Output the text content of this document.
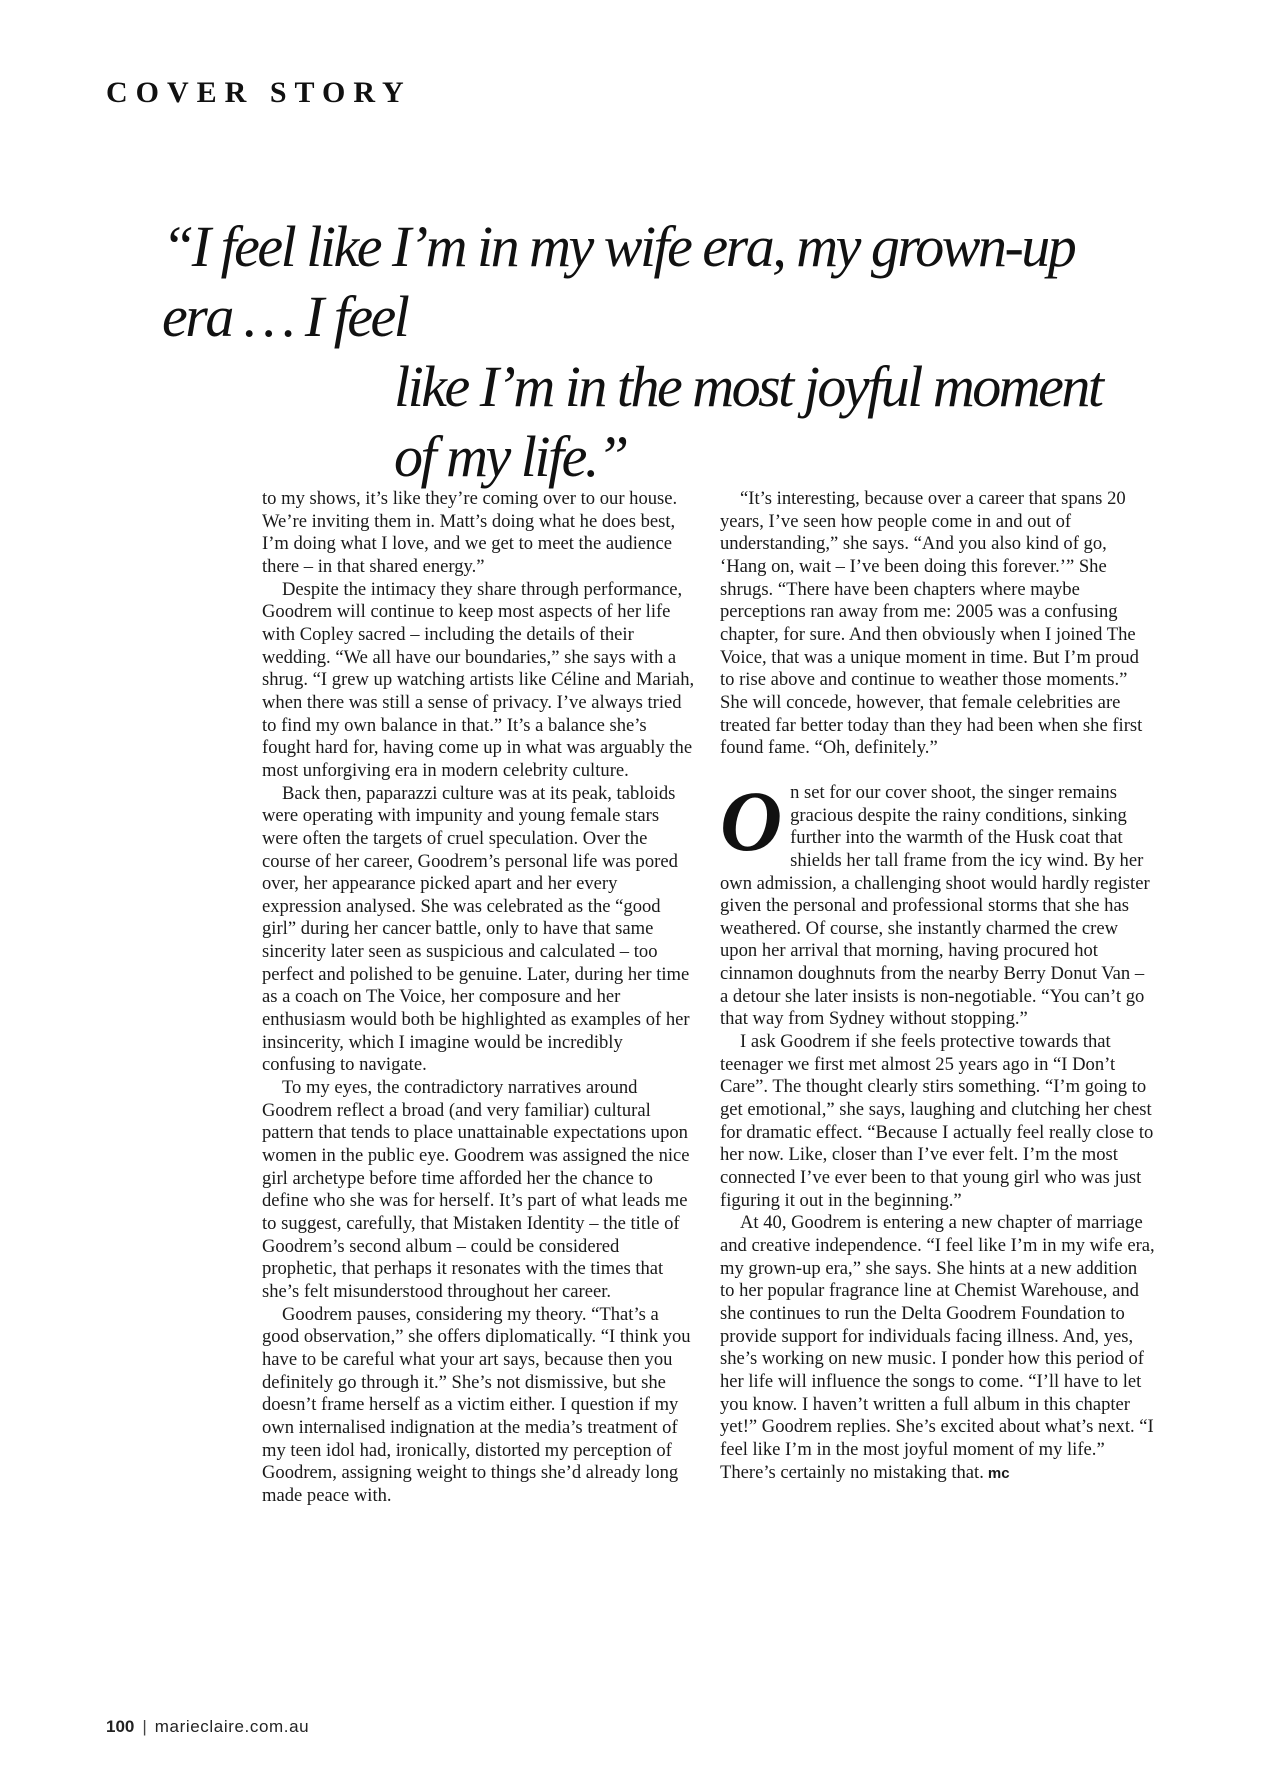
COVER STORY
“I feel like I’m in my wife era, my grown-up era … I feel
like I’m in the most joyful moment of my life.”

to my shows, it’s like they’re coming over to our house. We’re inviting them in. Matt’s doing what he does best, I’m doing what I love, and we get to meet the audience there – in that shared energy.”

Despite the intimacy they share through performance, Goodrem will continue to keep most aspects of her life with Copley sacred – including the details of their wedding. “We all have our boundaries,” she says with a shrug. “I grew up watching artists like Céline and Mariah, when there was still a sense of privacy. I’ve always tried to find my own balance in that.” It’s a balance she’s fought hard for, having come up in what was arguably the most unforgiving era in modern celebrity culture.

Back then, paparazzi culture was at its peak, tabloids were operating with impunity and young female stars were often the targets of cruel speculation. Over the course of her career, Goodrem’s personal life was pored over, her appearance picked apart and her every expression analysed. She was celebrated as the “good girl” during her cancer battle, only to have that same sincerity later seen as suspicious and calculated – too perfect and polished to be genuine. Later, during her time as a coach on The Voice, her composure and her enthusiasm would both be highlighted as examples of her insincerity, which I imagine would be incredibly confusing to navigate.

To my eyes, the contradictory narratives around Goodrem reflect a broad (and very familiar) cultural pattern that tends to place unattainable expectations upon women in the public eye. Goodrem was assigned the nice girl archetype before time afforded her the chance to define who she was for herself. It’s part of what leads me to suggest, carefully, that Mistaken Identity – the title of Goodrem’s second album – could be considered prophetic, that perhaps it resonates with the times that she’s felt misunderstood throughout her career.

Goodrem pauses, considering my theory. “That’s a good observation,” she offers diplomatically. “I think you have to be careful what your art says, because then you definitely go through it.” She’s not dismissive, but she doesn’t frame herself as a victim either. I question if my own internalised indignation at the media’s treatment of my teen idol had, ironically, distorted my perception of Goodrem, assigning weight to things she’d already long made peace with.

“It’s interesting, because over a career that spans 20 years, I’ve seen how people come in and out of understanding,” she says. “And you also kind of go, ‘Hang on, wait – I’ve been doing this forever.’” She shrugs. “There have been chapters where maybe perceptions ran away from me: 2005 was a confusing chapter, for sure. And then obviously when I joined The Voice, that was a unique moment in time. But I’m proud to rise above and continue to weather those moments.” She will concede, however, that female celebrities are treated far better today than they had been when she first found fame. “Oh, definitely.”

On set for our cover shoot, the singer remains gracious despite the rainy conditions, sinking further into the warmth of the Husk coat that shields her tall frame from the icy wind. By her own admission, a challenging shoot would hardly register given the personal and professional storms that she has weathered. Of course, she instantly charmed the crew upon her arrival that morning, having procured hot cinnamon doughnuts from the nearby Berry Donut Van – a detour she later insists is non-negotiable. “You can’t go that way from Sydney without stopping.”

I ask Goodrem if she feels protective towards that teenager we first met almost 25 years ago in “I Don’t Care”. The thought clearly stirs something. “I’m going to get emotional,” she says, laughing and clutching her chest for dramatic effect. “Because I actually feel really close to her now. Like, closer than I’ve ever felt. I’m the most connected I’ve ever been to that young girl who was just figuring it out in the beginning.”

At 40, Goodrem is entering a new chapter of marriage and creative independence. “I feel like I’m in my wife era, my grown-up era,” she says. She hints at a new addition to her popular fragrance line at Chemist Warehouse, and she continues to run the Delta Goodrem Foundation to provide support for individuals facing illness. And, yes, she’s working on new music. I ponder how this period of her life will influence the songs to come. “I’ll have to let you know. I haven’t written a full album in this chapter yet!” Goodrem replies. She’s excited about what’s next. “I feel like I’m in the most joyful moment of my life.” There’s certainly no mistaking that. mc

100 | marieclaire.com.au
